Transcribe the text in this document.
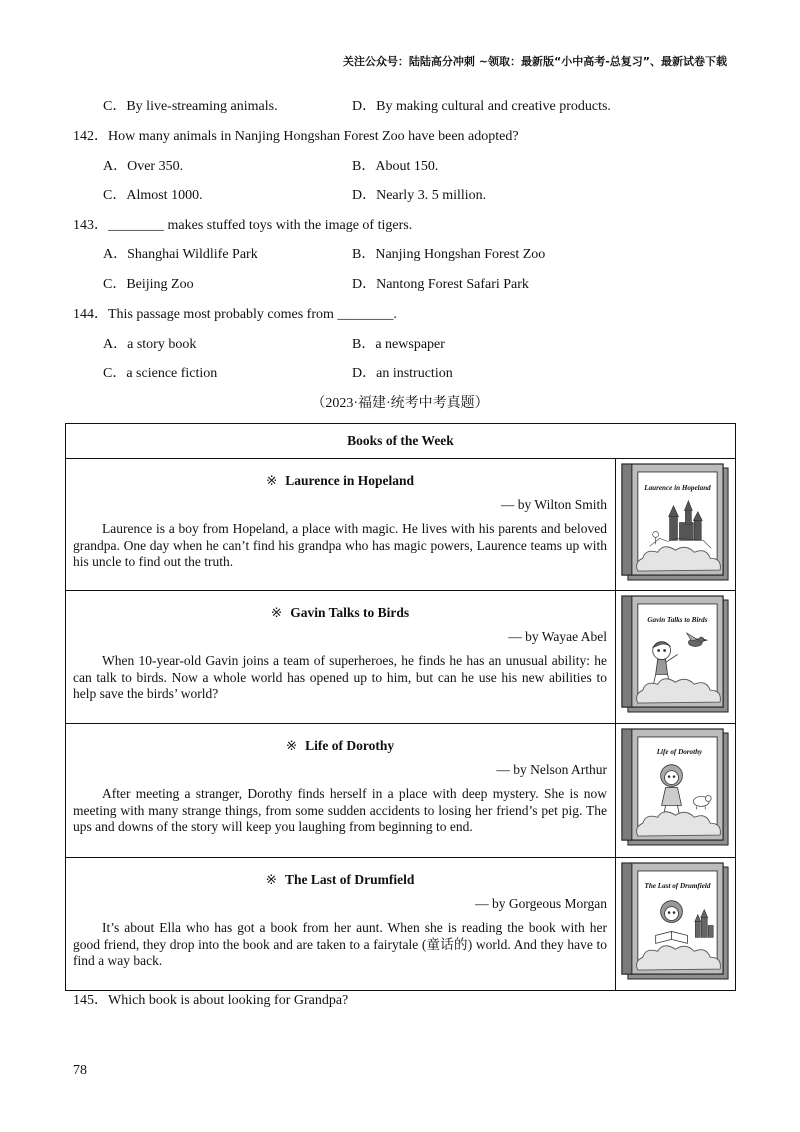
关注公众号：陆陆高分冲刺 ~领取：最新版“小中高考-总复习”、最新试卷下载
C．By live-streaming animals.	D．By making cultural and creative products.
142．How many animals in Nanjing Hongshan Forest Zoo have been adopted?
A．Over 350.	B．About 150.
C．Almost 1000.	D．Nearly 3. 5 million.
143．________ makes stuffed toys with the image of tigers.
A．Shanghai Wildlife Park	B．Nanjing Hongshan Forest Zoo
C．Beijing Zoo	D．Nantong Forest Safari Park
144．This passage most probably comes from ________.
A．a story book	B．a newspaper
C．a science fiction	D．an instruction
（2023·福建·统考中考真题）
Books of the Week
※ Laurence in Hopeland
— by Wilton Smith
Laurence is a boy from Hopeland, a place with magic. He lives with his parents and beloved grandpa. One day when he can’t find his grandpa who has magic powers, Laurence teams up with his uncle to find out the truth.
Laurence in Hopeland
※ Gavin Talks to Birds
— by Wayae Abel
When 10-year-old Gavin joins a team of superheroes, he finds he has an unusual ability: he can talk to birds. Now a whole world has opened up to him, but can he use his new abilities to help save the birds’ world?
Gavin Talks to Birds
※ Life of Dorothy
— by Nelson Arthur
After meeting a stranger, Dorothy finds herself in a place with deep mystery. She is now meeting with many strange things, from some sudden accidents to losing her friend’s pet pig. The ups and downs of the story will keep you laughing from beginning to end.
Life of Dorothy
※ The Last of Drumfield
— by Gorgeous Morgan
It’s about Ella who has got a book from her aunt. When she is reading the book with her good friend, they drop into the book and are taken to a fairytale (童话的) world. And they have to find a way back.
The Last of Drumfield
145．Which book is about looking for Grandpa?
78
